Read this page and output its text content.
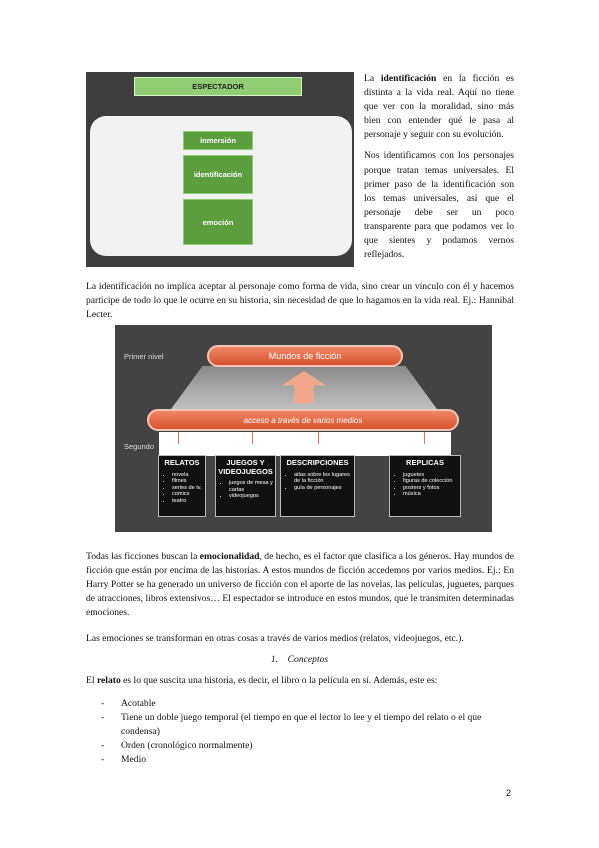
ESPECTADOR
inmersión
identificación
emoción

La identificación en la ficción es distinta a la vida real. Aquí no tiene que ver con la moralidad, sino más bien con entender qué le pasa al personaje y seguir con su evolución.

Nos identificamos con los personajes porque tratan temas universales. El primer paso de la identificación son los temas universales, así que el personaje debe ser un poco transparente para que podamos ver lo que sientes y podamos vernos reflejados.

La identificación no implica aceptar al personaje como forma de vida, sino crear un vínculo con él y hacemos participe de todo lo que le ocurre en su historia, sin necesidad de que lo hagamos en la vida real. Ej.: Hannibal Lecter.

Primer nivel	Mundos de ficción
acceso a través de varios medios
Segundo
RELATOS
• novela
• filmes
• series de tv.
• comics
• teatro
JUEGOS Y VIDEOJUEGOS
• juegos de mesa y cartas
• videojuegos
DESCRIPCIONES
• atlas sobre los lugares de la ficción
• guía de personajes
REPLICAS
• juguetes
• figuras de colección
• posters y fotos
• música

Todas las ficciones buscan la emocionalidad, de hecho, es el factor que clasifica a los géneros. Hay mundos de ficción que están por encima de las historias. A estos mundos de ficción accedemos por varios medios. Ej.: En Harry Potter se ha generado un universo de ficción con el aporte de las novelas, las películas, juguetes, parques de atracciones, libros extensivos… El espectador se introduce en estos mundos, que le transmiten determinadas emociones.

Las emociones se transforman en otras cosas a través de varios medios (relatos, videojuegos, etc.).

1. Conceptos

El relato es lo que suscita una historia, es decir, el libro o la película en sí. Además, este es:

- Acotable
- Tiene un doble juego temporal (el tiempo en que el lector lo lee y el tiempo del relato o el que condensa)
- Orden (cronológico normalmente)
- Medio
2
